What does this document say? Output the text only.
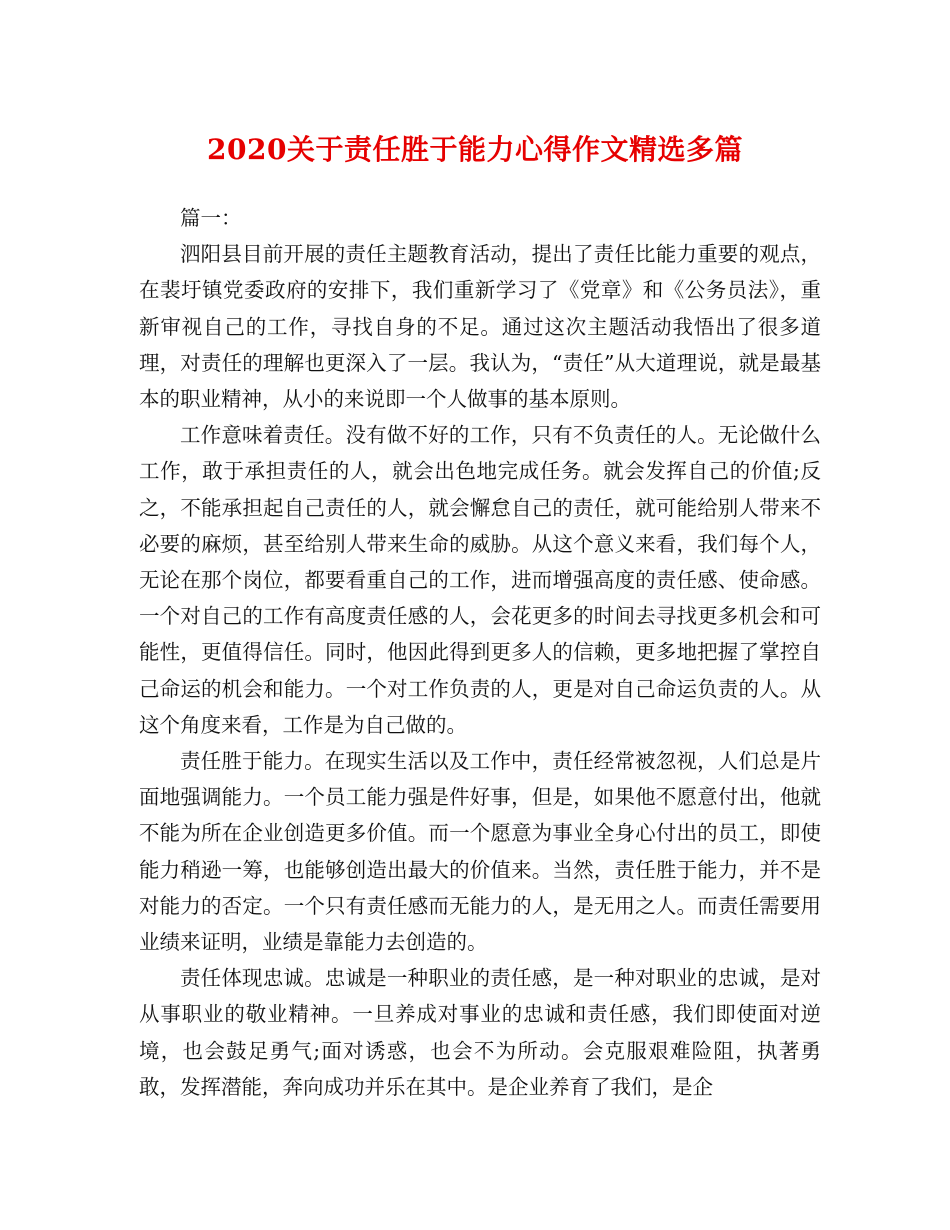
2020关于责任胜于能力心得作文精选多篇

篇一：

泗阳县目前开展的责任主题教育活动，提出了责任比能力重要的观点，在裴圩镇党委政府的安排下，我们重新学习了《党章》和《公务员法》，重新审视自己的工作，寻找自身的不足。通过这次主题活动我悟出了很多道理，对责任的理解也更深入了一层。我认为，“责任”从大道理说，就是最基本的职业精神，从小的来说即一个人做事的基本原则。

工作意味着责任。没有做不好的工作，只有不负责任的人。无论做什么工作，敢于承担责任的人，就会出色地完成任务。就会发挥自己的价值;反之，不能承担起自己责任的人，就会懈怠自己的责任，就可能给别人带来不必要的麻烦，甚至给别人带来生命的威胁。从这个意义来看，我们每个人，无论在那个岗位，都要看重自己的工作，进而增强高度的责任感、使命感。一个对自己的工作有高度责任感的人，会花更多的时间去寻找更多机会和可能性，更值得信任。同时，他因此得到更多人的信赖，更多地把握了掌控自己命运的机会和能力。一个对工作负责的人，更是对自己命运负责的人。从这个角度来看，工作是为自己做的。

责任胜于能力。在现实生活以及工作中，责任经常被忽视，人们总是片面地强调能力。一个员工能力强是件好事，但是，如果他不愿意付出，他就不能为所在企业创造更多价值。而一个愿意为事业全身心付出的员工，即使能力稍逊一筹，也能够创造出最大的价值来。当然，责任胜于能力，并不是对能力的否定。一个只有责任感而无能力的人，是无用之人。而责任需要用业绩来证明，业绩是靠能力去创造的。

责任体现忠诚。忠诚是一种职业的责任感，是一种对职业的忠诚，是对从事职业的敬业精神。一旦养成对事业的忠诚和责任感，我们即使面对逆境，也会鼓足勇气;面对诱惑，也会不为所动。会克服艰难险阻，执著勇敢，发挥潜能，奔向成功并乐在其中。是企业养育了我们，是企
